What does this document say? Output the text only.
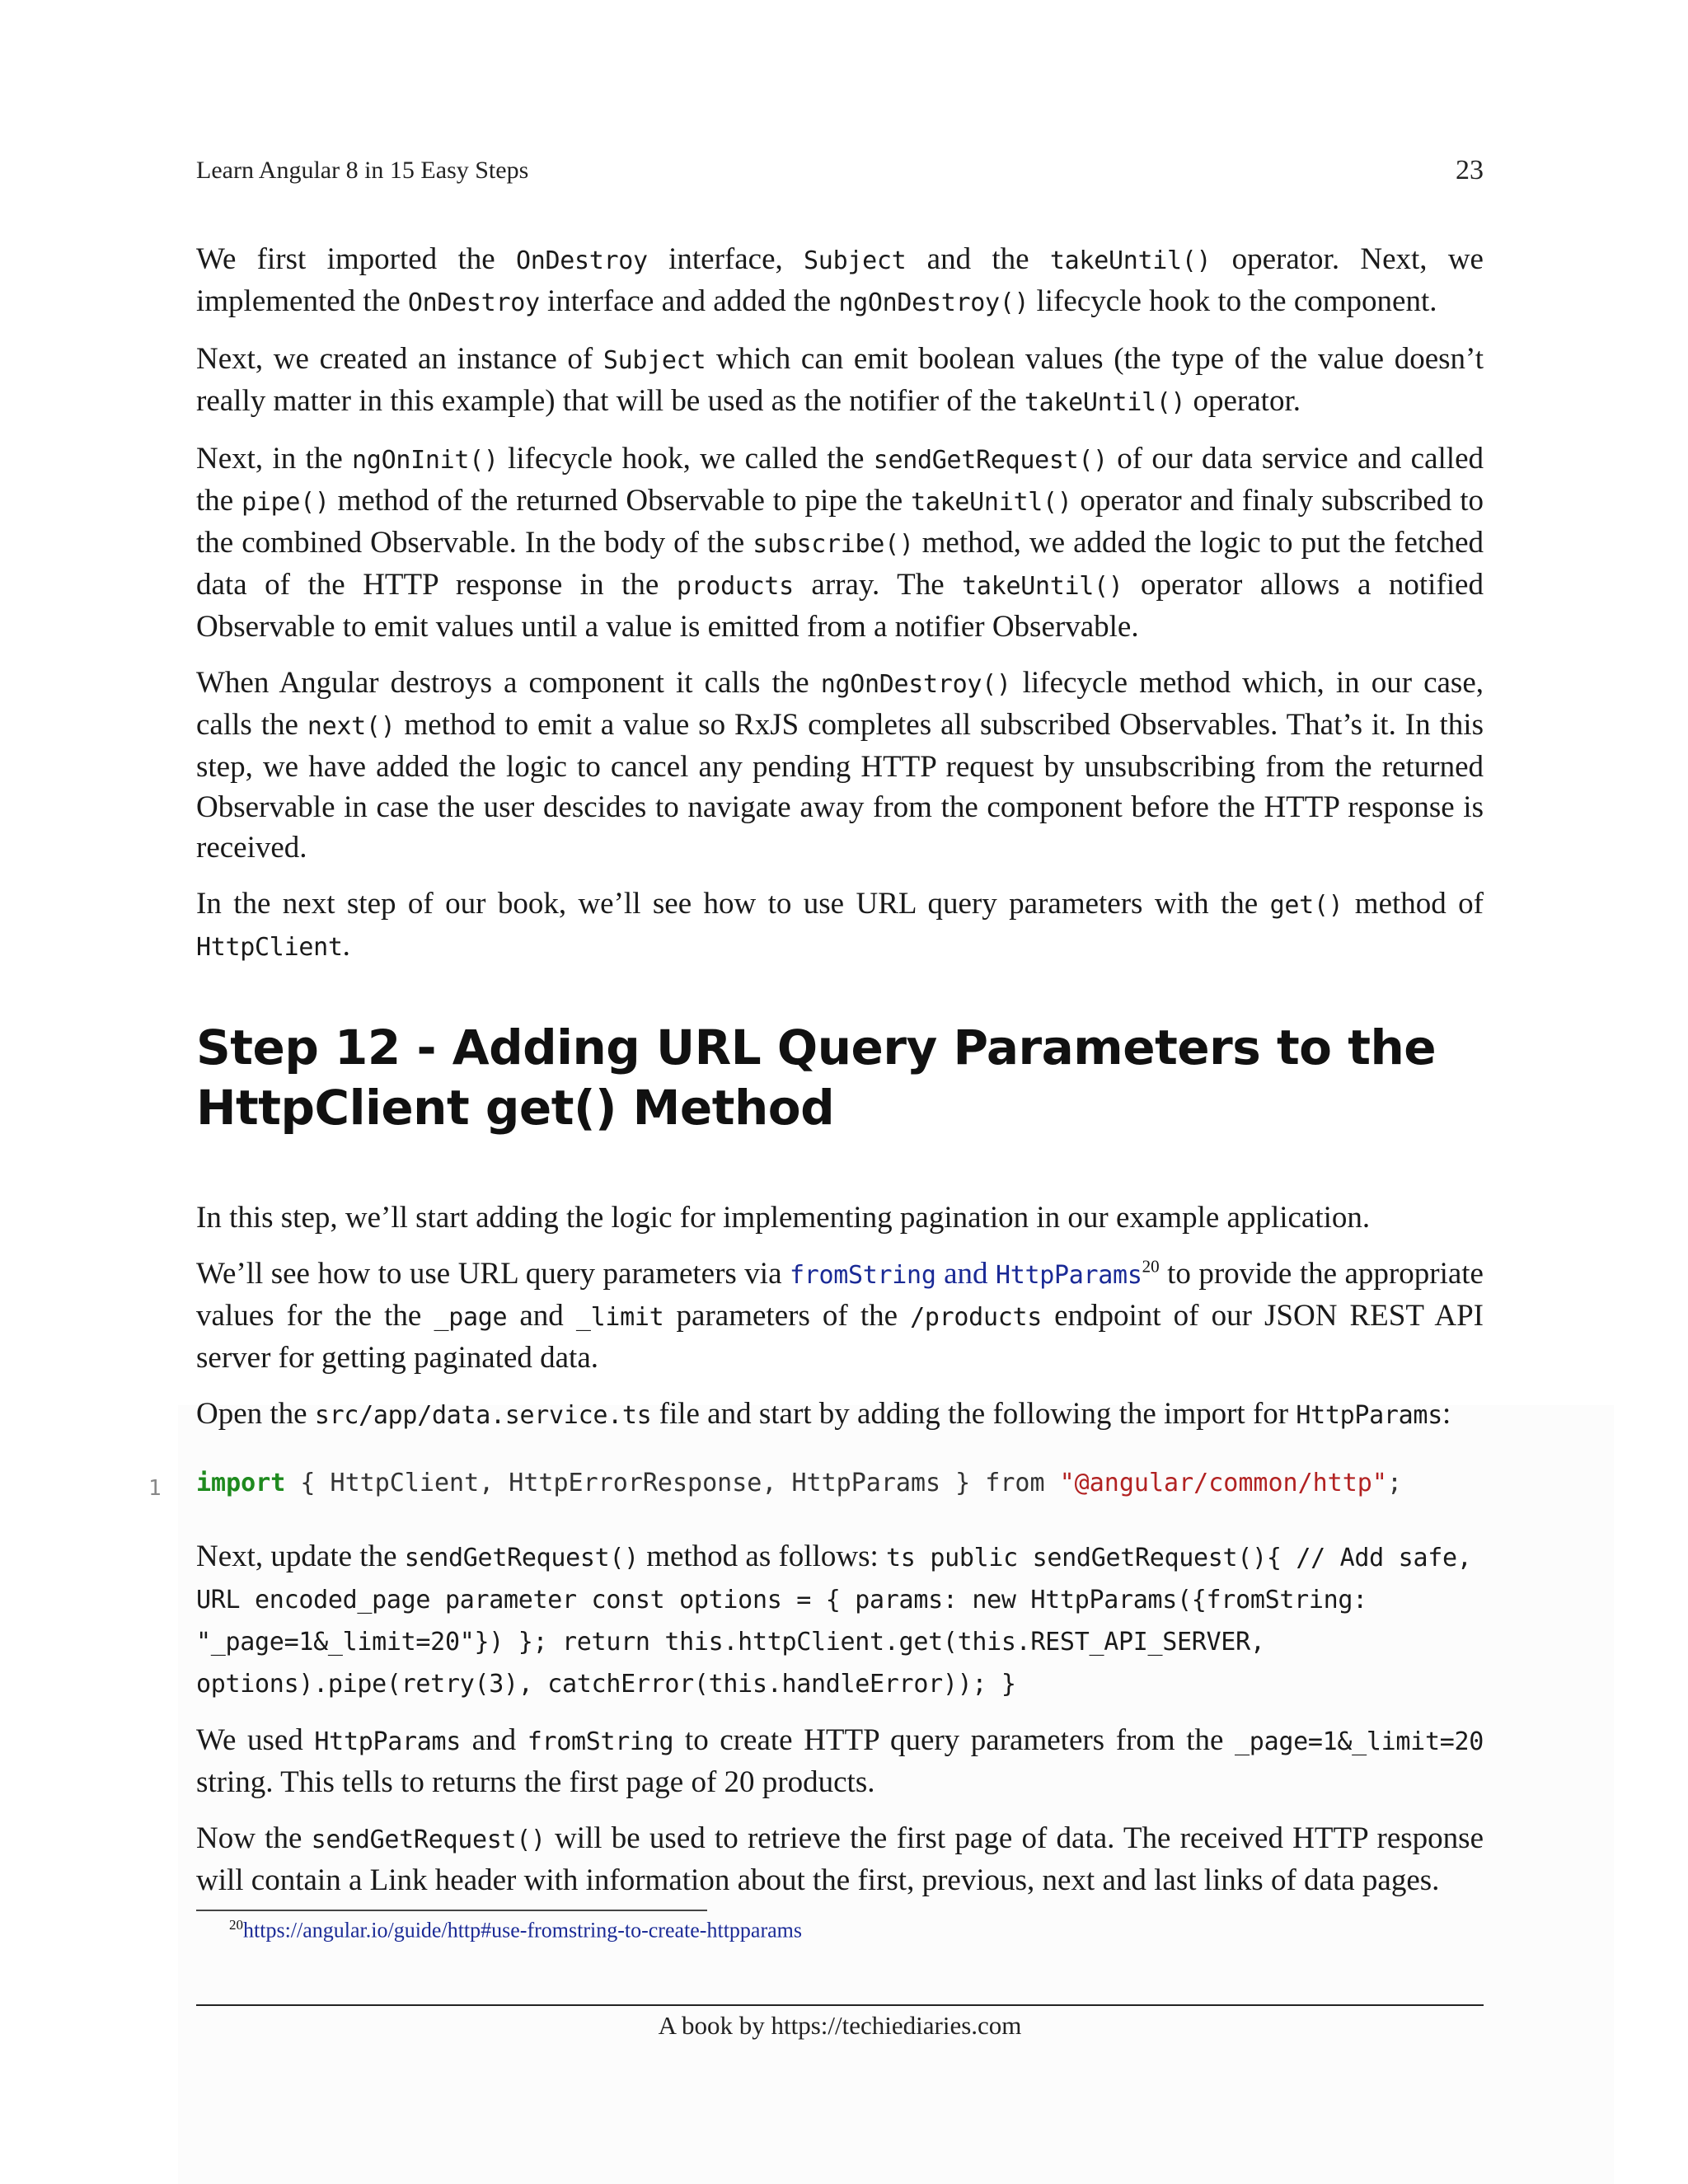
Learn Angular 8 in 15 Easy Steps	23

We first imported the OnDestroy interface, Subject and the takeUntil() operator. Next, we implemented the OnDestroy interface and added the ngOnDestroy() lifecycle hook to the component.

Next, we created an instance of Subject which can emit boolean values (the type of the value doesn’t really matter in this example) that will be used as the notifier of the takeUntil() operator.

Next, in the ngOnInit() lifecycle hook, we called the sendGetRequest() of our data service and called the pipe() method of the returned Observable to pipe the takeUnitl() operator and finaly subscribed to the combined Observable. In the body of the subscribe() method, we added the logic to put the fetched data of the HTTP response in the products array. The takeUntil() operator allows a notified Observable to emit values until a value is emitted from a notifier Observable.

When Angular destroys a component it calls the ngOnDestroy() lifecycle method which, in our case, calls the next() method to emit a value so RxJS completes all subscribed Observables. That’s it. In this step, we have added the logic to cancel any pending HTTP request by unsubscribing from the returned Observable in case the user descides to navigate away from the component before the HTTP response is received.

In the next step of our book, we’ll see how to use URL query parameters with the get() method of HttpClient.

Step 12 - Adding URL Query Parameters to the HttpClient get() Method

In this step, we’ll start adding the logic for implementing pagination in our example application.

We’ll see how to use URL query parameters via fromString and HttpParams$^{20}$ to provide the appropriate values for the the _page and _limit parameters of the /products endpoint of our JSON REST API server for getting paginated data.

Open the src/app/data.service.ts file and start by adding the following the import for HttpParams:

1 import { HttpClient, HttpErrorResponse, HttpParams } from "@angular/common/http";

Next, update the sendGetRequest() method as follows: ts public sendGetRequest(){ // Add safe, URL encoded_page parameter const options = { params: new HttpParams({fromString: "_page=1&_limit=20"}) }; return this.httpClient.get(this.REST_API_SERVER, options).pipe(retry(3), catchError(this.handleError)); }

We used HttpParams and fromString to create HTTP query parameters from the _page=1&_limit=20 string. This tells to returns the first page of 20 products.

Now the sendGetRequest() will be used to retrieve the first page of data. The received HTTP response will contain a Link header with information about the first, previous, next and last links of data pages.

$^{20}$https://angular.io/guide/http#use-fromstring-to-create-httpparams
A book by https://techiediaries.com
